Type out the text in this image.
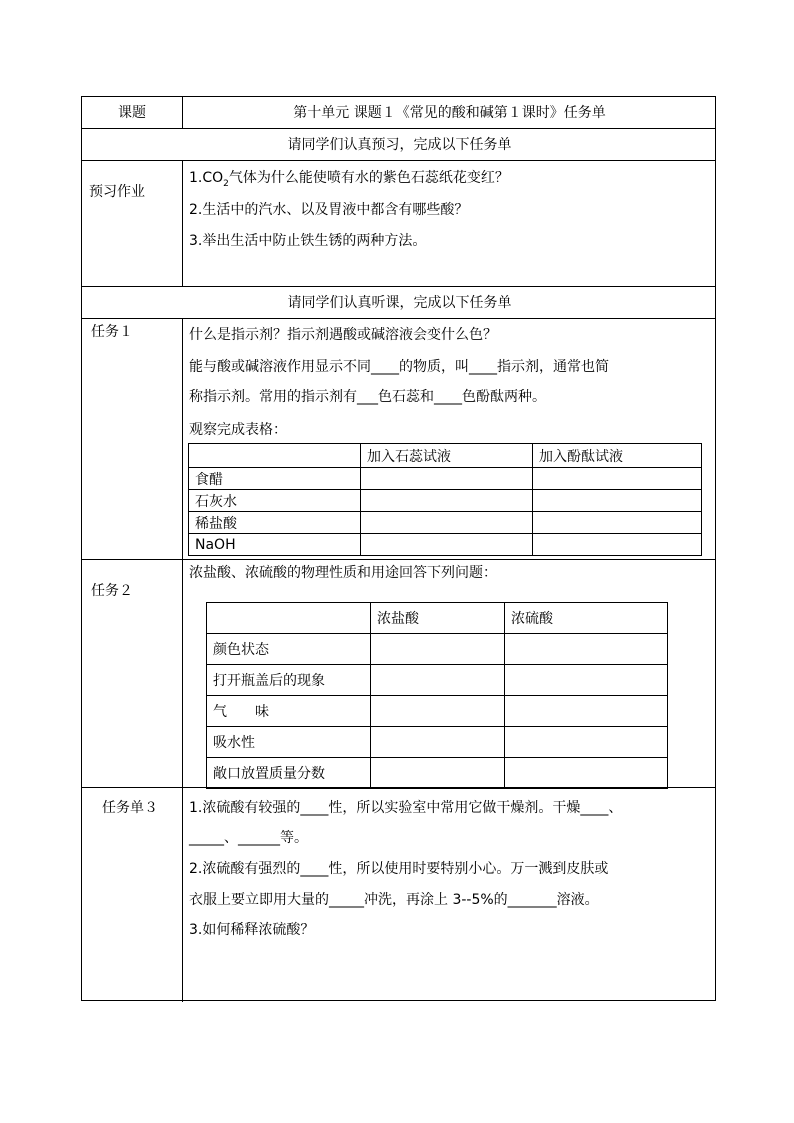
课题	第十单元 课题１《常见的酸和碱第１课时》任务单
请同学们认真预习，完成以下任务单
预习作业
$1.CO_2$气体为什么能使喷有水的紫色石蕊纸花变红？
2.生活中的汽水、以及胃液中都含有哪些酸？
3.举出生活中防止铁生锈的两种方法。
请同学们认真听课，完成以下任务单
任务１	什么是指示剂？指示剂遇酸或碱溶液会变什么色？
能与酸或碱溶液作用显示不同____的物质，叫____指示剂，通常也简
称指示剂。常用的指示剂有___色石蕊和____色酚酞两种。
观察完成表格：
	加入石蕊试液	加入酚酞试液
食醋		
石灰水		
稀盐酸		
NaOH		
任务２
浓盐酸、浓硫酸的物理性质和用途回答下列问题：
	浓盐酸	浓硫酸
颜色状态		
打开瓶盖后的现象		
气　　味		
吸水性		
敞口放置质量分数		
任务单３ 1.浓硫酸有较强的____性，所以实验室中常用它做干燥剂。干燥____、
_____、______等。
2.浓硫酸有强烈的____性，所以使用时要特别小心。万一溅到皮肤或
衣服上要立即用大量的_____冲洗，再涂上 3--5%的_______溶液。
3.如何稀释浓硫酸？
